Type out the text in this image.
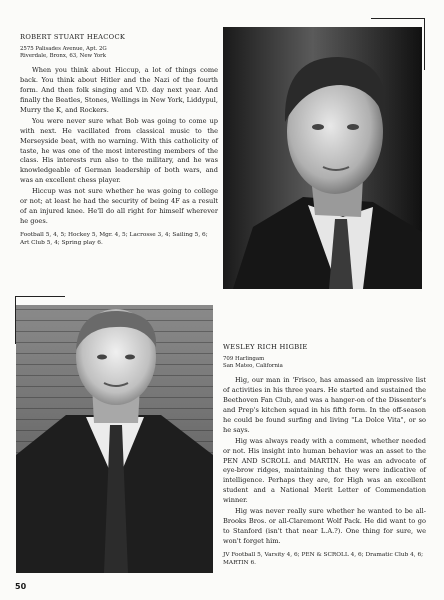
ROBERT STUART HEACOCK
2575 Palisades Avenue, Apt. 2G
Riverdale, Bronx, 63, New York

When you think about Hiccup, a lot of things come back. You think about Hitler and the Nazi of the fourth form. And then folk singing and V.D. day next year. And finally the Beatles, Stones, Wellings in New York, Liddypul, Murry the K, and Rockers.

You were never sure what Bob was going to come up with next. He vacillated from classical music to the Merseyside beat, with no warning. With this catholicity of taste, he was one of the most interesting members of the class. His interests run also to the military, and he was knowledgeable of German leadership of both wars, and was an excellent chess player.

Hiccup was not sure whether he was going to college or not; at least he had the security of being 4F as a result of an injured knee. He'll do all right for himself wherever he goes.

Football 5, 4, 5; Hockey 5, Mgr. 4, 5; Lacrosse 3, 4; Sailing 5, 6; Art Club 5, 4; Spring play 6.
WESLEY RICH HIGBIE
709 Harlingam
San Mateo, California

Hig, our man in 'Frisco, has amassed an impressive list of activities in his three years. He started and sustained the Beethoven Fan Club, and was a hanger-on of the Dissenter's and Prep's kitchen squad in his fifth form. In the off-season he could be found surfing and living "La Dolce Vita", or so he says.

Hig was always ready with a comment, whether needed or not. His insight into human behavior was an asset to the PEN AND SCROLL and MARTIN. He was an advocate of eye-brow ridges, maintaining that they were indicative of intelligence. Perhaps they are, for High was an excellent student and a National Merit Letter of Commendation winner.

Hig was never really sure whether he wanted to be all-Brooks Bros. or all-Claremont Wolf Pack. He did want to go to Stanford (isn't that near L.A.?). One thing for sure, we won't forget him.

JV Football 5, Varsity 4, 6; PEN & SCROLL 4, 6; Dramatic Club 4, 6; MARTIN 6.
50
